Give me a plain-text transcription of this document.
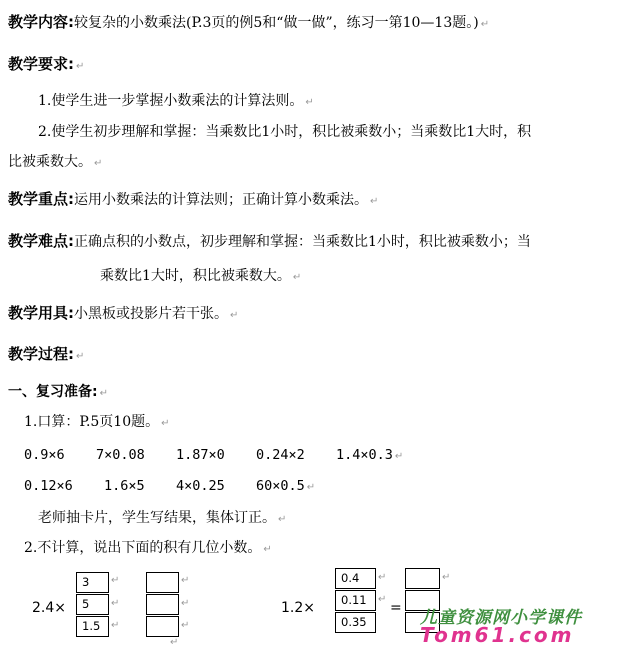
教学内容:较复杂的小数乘法(P.3页的例5和“做一做”，练习一第10—13题。) ↵
教学要求: ↵
1.使学生进一步掌握小数乘法的计算法则。 ↵
2.使学生初步理解和掌握：当乘数比1小时，积比被乘数小；当乘数比1大时，积
比被乘数大。 ↵
教学重点:运用小数乘法的计算法则；正确计算小数乘法。 ↵
教学难点:正确点积的小数点，初步理解和掌握：当乘数比1小时，积比被乘数小；当
乘数比1大时，积比被乘数大。 ↵
教学用具:小黑板或投影片若干张。 ↵
教学过程: ↵
一、复习准备: ↵
1.口算：P.5页10题。 ↵
0.9×6 7×0.08 1.87×0 0.24×2 1.4×0.3 ↵
0.12×6 1.6×5 4×0.25 60×0.5 ↵
老师抽卡片，学生写结果，集体订正。 ↵
2.不计算，说出下面的积有几位小数。 ↵
2.4×
3
5
1.5
↵
↵
↵
↵
↵
↵
↵
1.2×
0.4
0.11
0.35
↵
↵
=
↵
儿童资源网小学课件
Tom61.com
